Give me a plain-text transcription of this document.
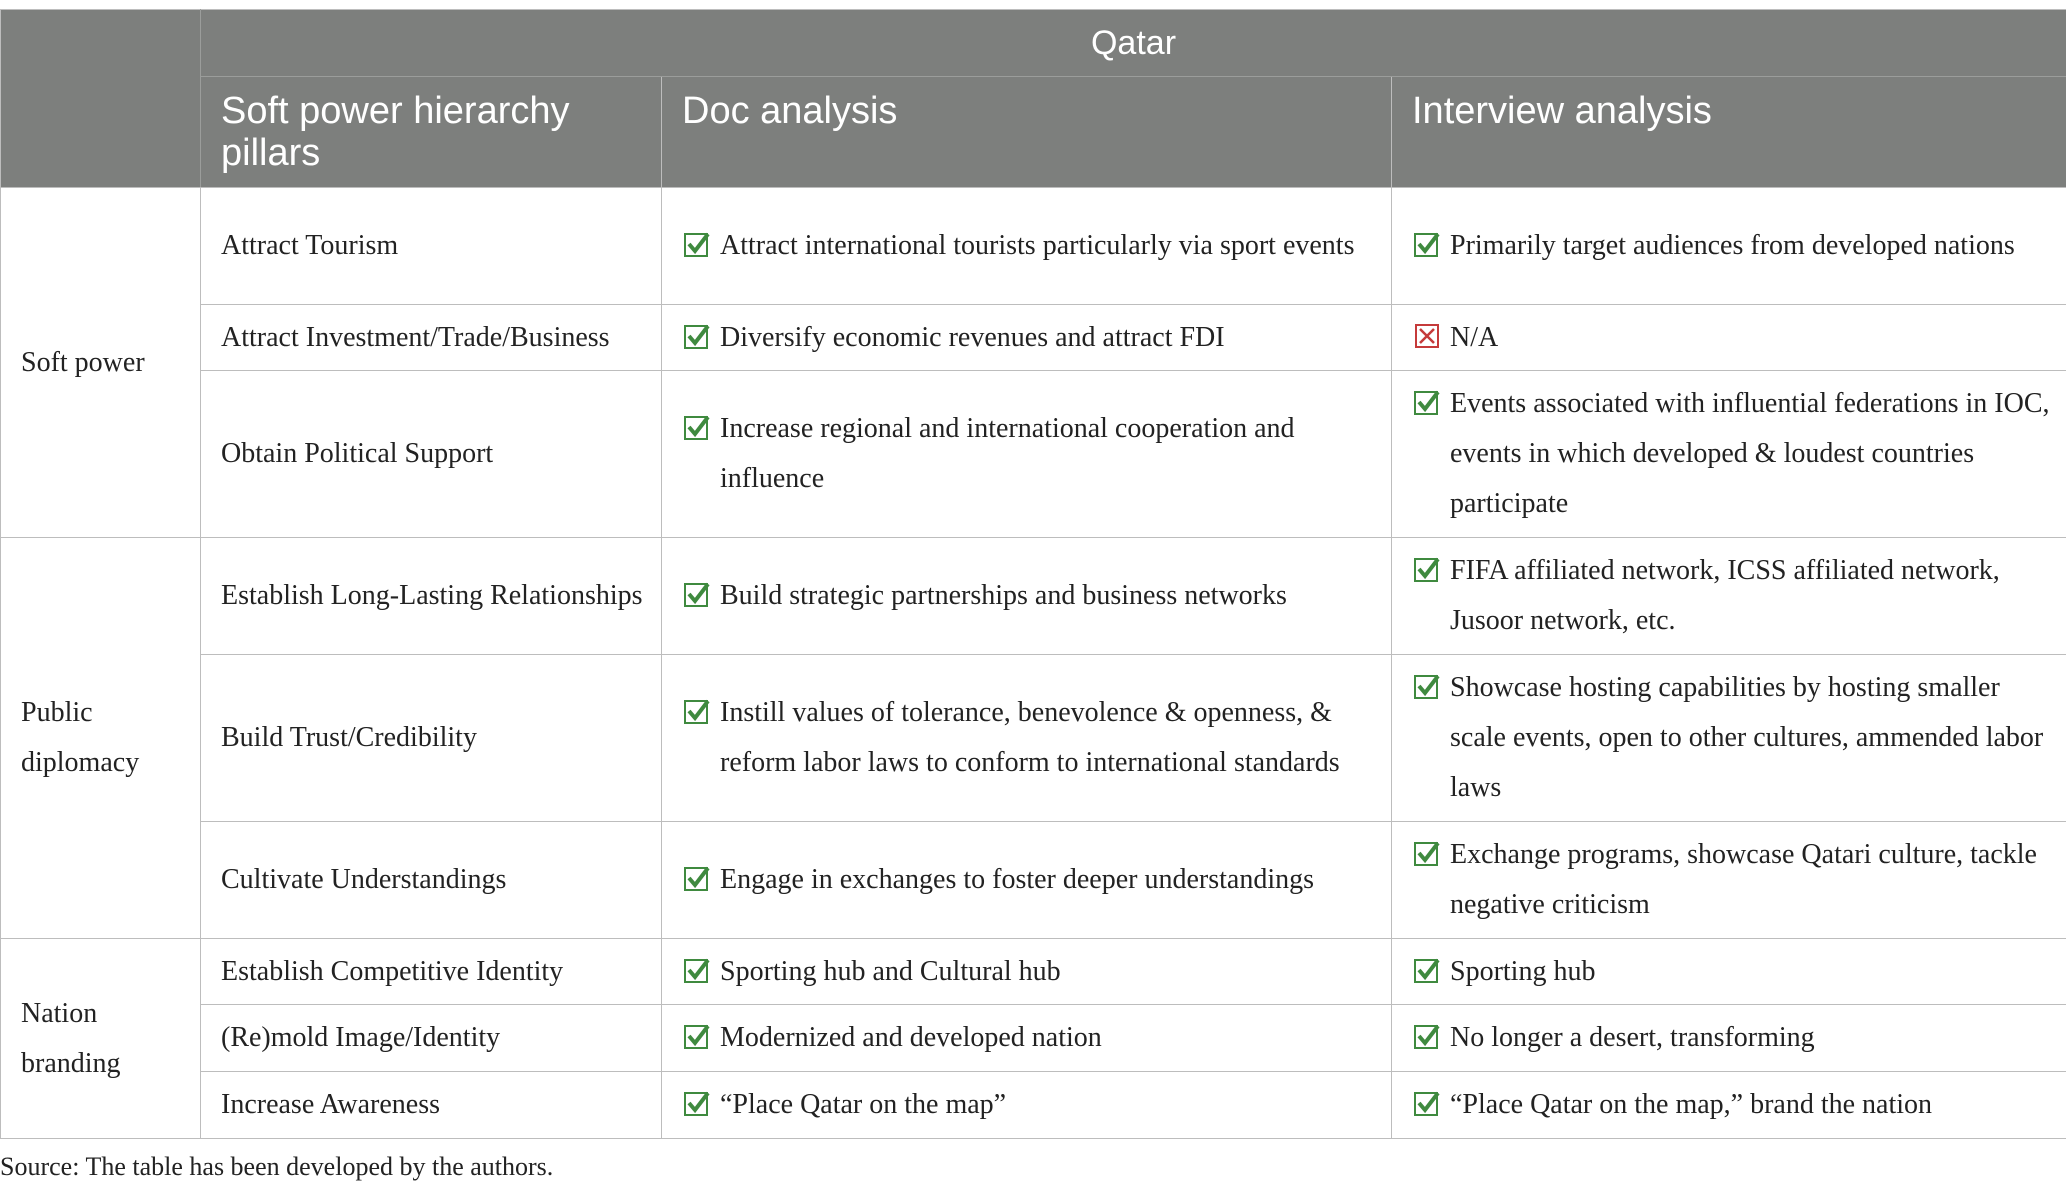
	Qatar		

	Soft power hierarchy pillars	Doc analysis	Interview analysis

Soft power	Attract Tourism	Attract international tourists particularly via sport events	Primarily target audiences from developed nations

	Attract Investment/Trade/Business	Diversify economic revenues and attract FDI	N/A

	Obtain Political Support	Increase regional and international cooperation and influence	Events associated with influential federations in IOC, events in which developed & loudest countries participate

Public diplomacy	Establish Long-Lasting Relationships	Build strategic partnerships and business networks	FIFA affiliated network, ICSS affiliated network, Jusoor network, etc.

	Build Trust/Credibility	Instill values of tolerance, benevolence & openness, & reform labor laws to conform to international standards	Showcase hosting capabilities by hosting smaller scale events, open to other cultures, ammended labor laws

	Cultivate Understandings	Engage in exchanges to foster deeper understandings	Exchange programs, showcase Qatari culture, tackle negative criticism

Nation branding	Establish Competitive Identity	Sporting hub and Cultural hub	Sporting hub

	(Re)mold Image/Identity	Modernized and developed nation	No longer a desert, transforming

	Increase Awareness	“Place Qatar on the map”	“Place Qatar on the map,” brand the nation
Source: The table has been developed by the authors.
